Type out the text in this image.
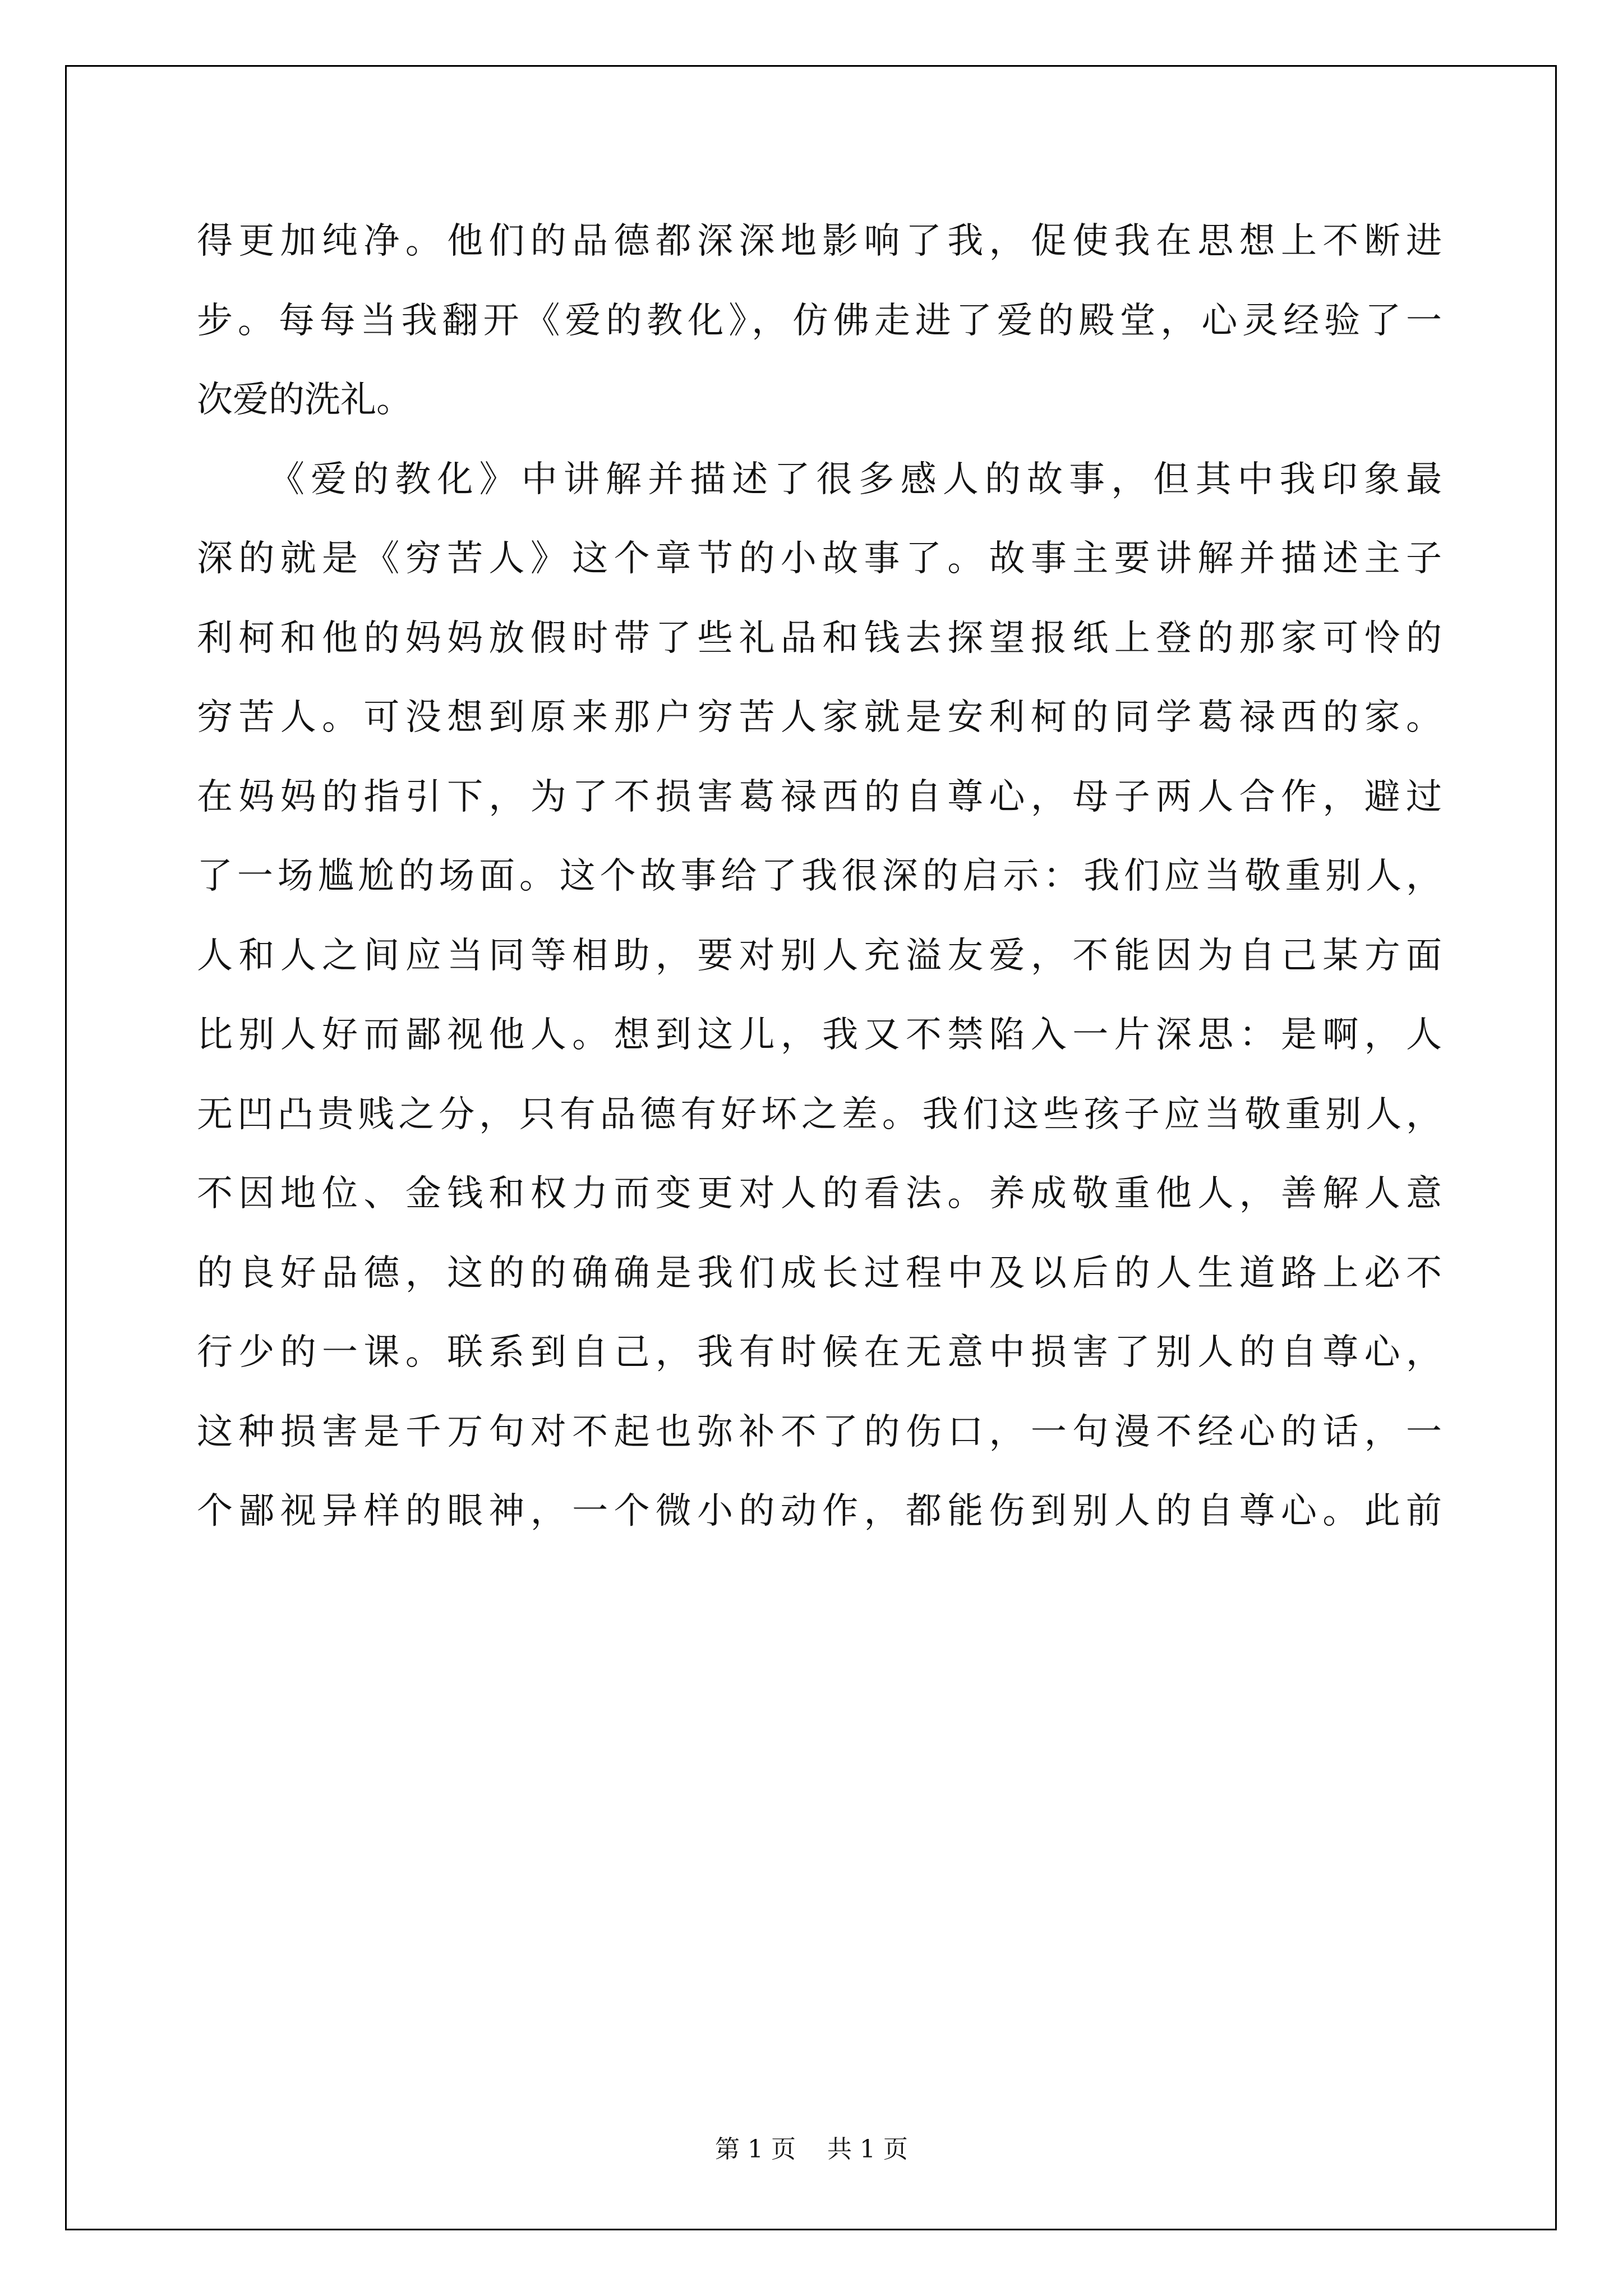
得更加纯净。他们的品德都深深地影响了我，促使我在思想上不断进
步。每每当我翻开《爱的教化》，仿佛走进了爱的殿堂，心灵经验了一
次爱的洗礼。
《爱的教化》中讲解并描述了很多感人的故事，但其中我印象最
深的就是《穷苦人》这个章节的小故事了。故事主要讲解并描述主子
利柯和他的妈妈放假时带了些礼品和钱去探望报纸上登的那家可怜的
穷苦人。可没想到原来那户穷苦人家就是安利柯的同学葛禄西的家。
在妈妈的指引下，为了不损害葛禄西的自尊心，母子两人合作，避过
了一场尴尬的场面。这个故事给了我很深的启示：我们应当敬重别人，
人和人之间应当同等相助，要对别人充溢友爱，不能因为自己某方面
比别人好而鄙视他人。想到这儿，我又不禁陷入一片深思：是啊，人
无凹凸贵贱之分，只有品德有好坏之差。我们这些孩子应当敬重别人，
不因地位、金钱和权力而变更对人的看法。养成敬重他人，善解人意
的良好品德，这的的确确是我们成长过程中及以后的人生道路上必不
行少的一课。联系到自己，我有时候在无意中损害了别人的自尊心，
这种损害是千万句对不起也弥补不了的伤口，一句漫不经心的话，一
个鄙视异样的眼神，一个微小的动作，都能伤到别人的自尊心。此前
第 1 页    共 1 页
